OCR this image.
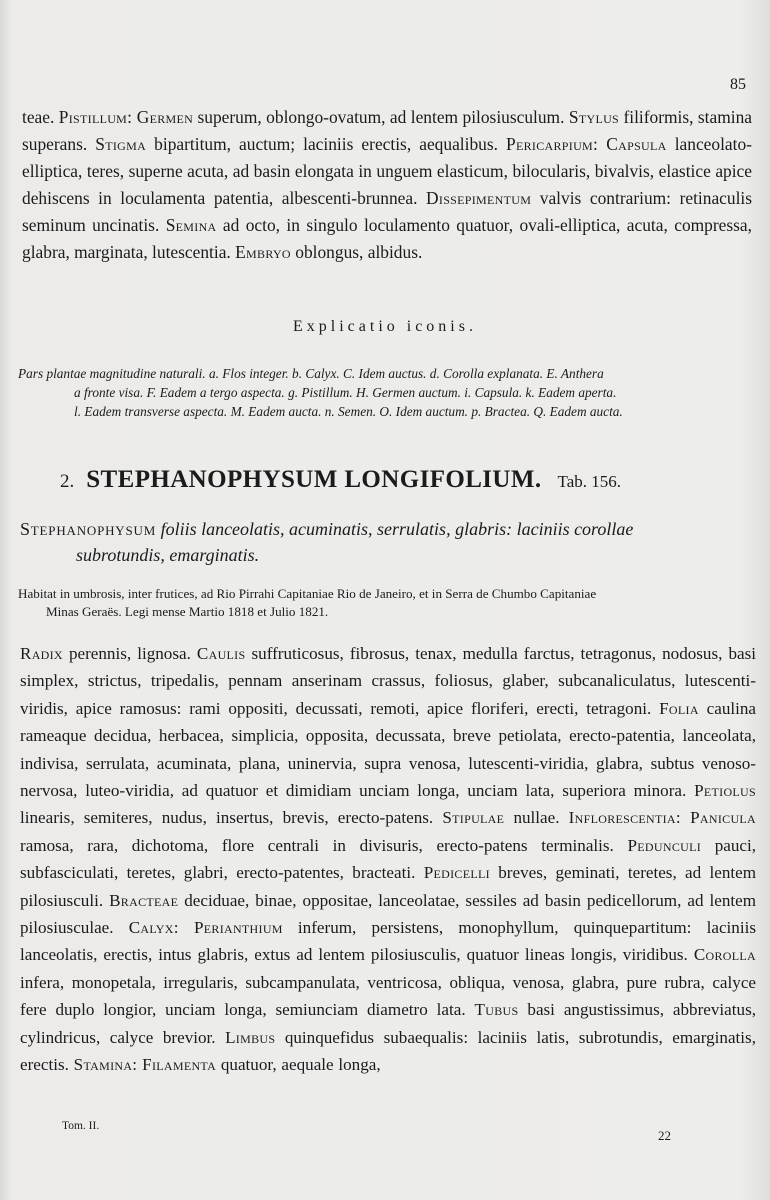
85
teae. Pistillum: Germen superum, oblongo-ovatum, ad lentem pilosiusculum. Stylus filiformis, stamina superans. Stigma bipartitum, auctum; laciniis erectis, aequalibus. Pericarpium: Capsula lanceolato-elliptica, teres, superne acuta, ad basin elongata in unguem elasticum, bilocularis, bivalvis, elastice apice dehiscens in loculamenta patentia, albescenti-brunnea. Dissepimentum valvis contrarium: retinaculis seminum uncinatis. Semina ad octo, in singulo loculamento quatuor, ovali-elliptica, acuta, compressa, glabra, marginata, lutescentia. Embryo oblongus, albidus.
Explicatio iconis.
Pars plantae magnitudine naturali. a. Flos integer. b. Calyx. C. Idem auctus. d. Corolla explanata. E. Anthera
a fronte visa. F. Eadem a tergo aspecta. g. Pistillum. H. Germen auctum. i. Capsula. k. Eadem aperta.
l. Eadem transverse aspecta. M. Eadem aucta. n. Semen. O. Idem auctum. p. Bractea. Q. Eadem aucta.
2. STEPHANOPHYSUM LONGIFOLIUM. Tab. 156.
Stephanophysum foliis lanceolatis, acuminatis, serrulatis, glabris: laciniis corollae
subrotundis, emarginatis.
Habitat in umbrosis, inter frutices, ad Rio Pirrahi Capitaniae Rio de Janeiro, et in Serra de Chumbo Capitaniae
Minas Geraës. Legi mense Martio 1818 et Julio 1821.
Radix perennis, lignosa. Caulis suffruticosus, fibrosus, tenax, medulla farctus, tetragonus, nodosus, basi simplex, strictus, tripedalis, pennam anserinam crassus, foliosus, glaber, subcanaliculatus, lutescenti-viridis, apice ramosus: rami oppositi, decussati, remoti, apice floriferi, erecti, tetragoni. Folia caulina rameaque decidua, herbacea, simplicia, opposita, decussata, breve petiolata, erecto-patentia, lanceolata, indivisa, serrulata, acuminata, plana, uninervia, supra venosa, lutescenti-viridia, glabra, subtus venoso-nervosa, luteo-viridia, ad quatuor et dimidiam unciam longa, unciam lata, superiora minora. Petiolus linearis, semiteres, nudus, insertus, brevis, erecto-patens. Stipulae nullae. Inflorescentia: Panicula ramosa, rara, dichotoma, flore centrali in divisuris, erecto-patens terminalis. Pedunculi pauci, subfasciculati, teretes, glabri, erecto-patentes, bracteati. Pedicelli breves, geminati, teretes, ad lentem pilosiusculi. Bracteae deciduae, binae, oppositae, lanceolatae, sessiles ad basin pedicellorum, ad lentem pilosiusculae. Calyx: Perianthium inferum, persistens, monophyllum, quinquepartitum: laciniis lanceolatis, erectis, intus glabris, extus ad lentem pilosiusculis, quatuor lineas longis, viridibus. Corolla infera, monopetala, irregularis, subcampanulata, ventricosa, obliqua, venosa, glabra, pure rubra, calyce fere duplo longior, unciam longa, semiunciam diametro lata. Tubus basi angustissimus, abbreviatus, cylindricus, calyce brevior. Limbus quinquefidus subaequalis: laciniis latis, subrotundis, emarginatis, erectis. Stamina: Filamenta quatuor, aequale longa,
Tom. II.
22
